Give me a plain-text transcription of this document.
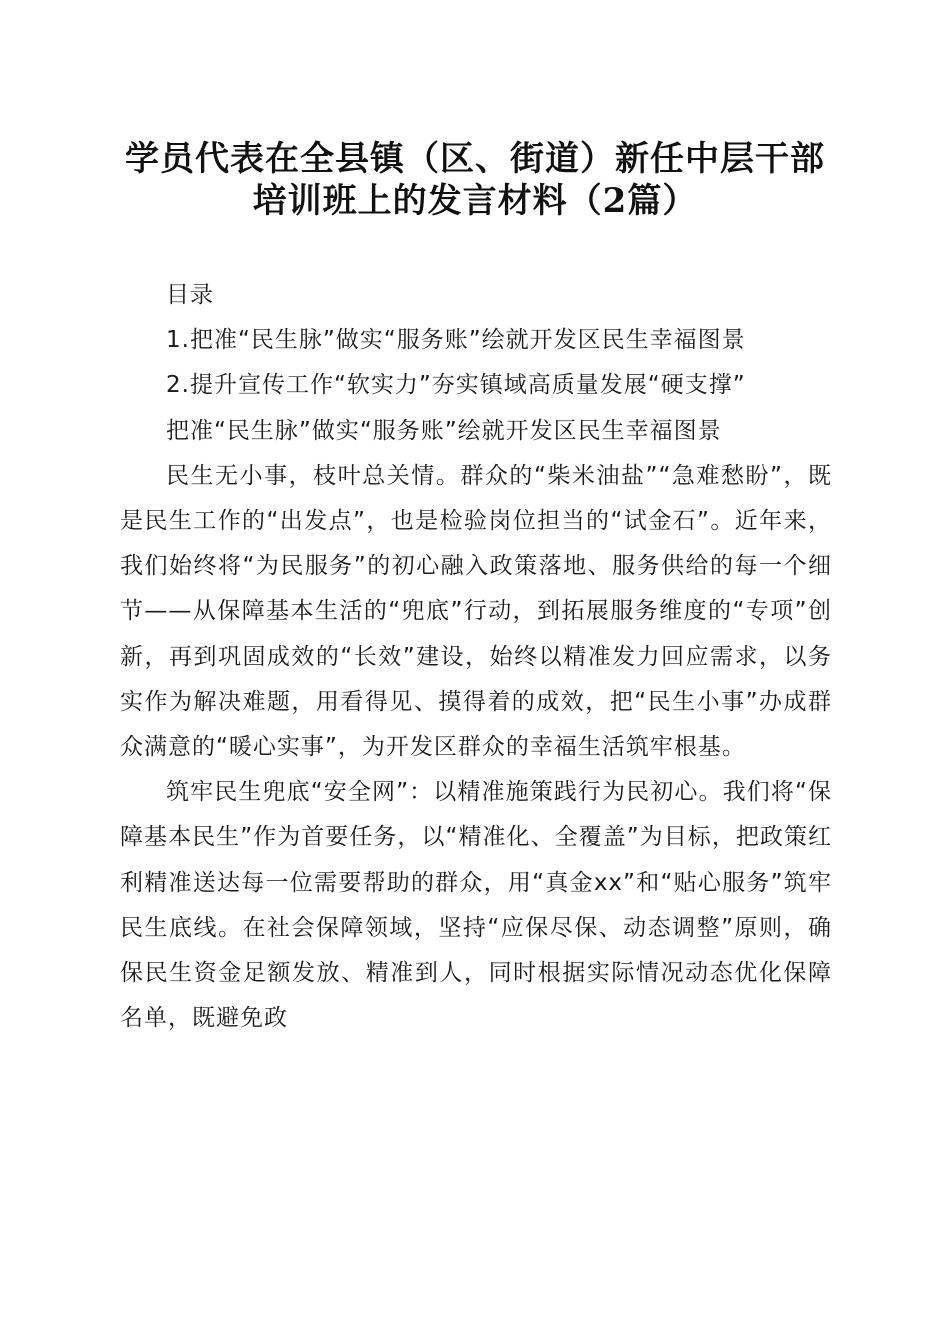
学员代表在全县镇（区、街道）新任中层干部
培训班上的发言材料（2篇）

目录

1.把准“民生脉”做实“服务账”绘就开发区民生幸福图景

2.提升宣传工作“软实力”夯实镇域高质量发展“硬支撑”

把准“民生脉”做实“服务账”绘就开发区民生幸福图景

民生无小事，枝叶总关情。群众的“柴米油盐”“急难愁盼”，既是民生工作的“出发点”，也是检验岗位担当的“试金石”。近年来，我们始终将“为民服务”的初心融入政策落地、服务供给的每一个细节——从保障基本生活的“兜底”行动，到拓展服务维度的“专项”创新，再到巩固成效的“长效”建设，始终以精准发力回应需求，以务实作为解决难题，用看得见、摸得着的成效，把“民生小事”办成群众满意的“暖心实事”，为开发区群众的幸福生活筑牢根基。

筑牢民生兜底“安全网”：以精准施策践行为民初心。我们将“保障基本民生”作为首要任务，以“精准化、全覆盖”为目标，把政策红利精准送达每一位需要帮助的群众，用“真金xx”和“贴心服务”筑牢民生底线。在社会保障领域，坚持“应保尽保、动态调整”原则，确保民生资金足额发放、精准到人，同时根据实际情况动态优化保障名单，既避免政
